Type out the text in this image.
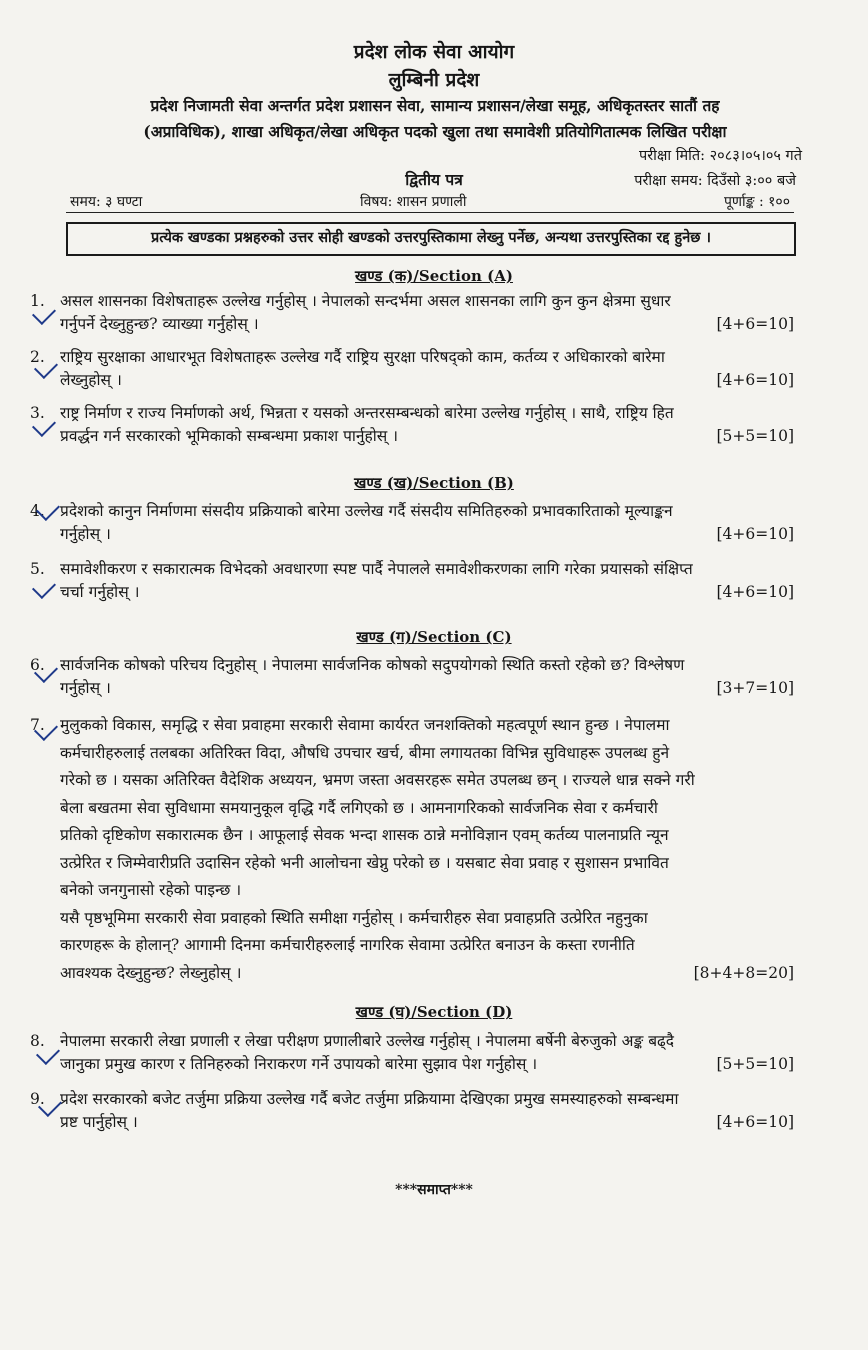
प्रदेश लोक सेवा आयोग
लुम्बिनी प्रदेश
प्रदेश निजामती सेवा अन्तर्गत प्रदेश प्रशासन सेवा, सामान्य प्रशासन/लेखा समूह, अधिकृतस्तर सातौं तह
(अप्राविधिक), शाखा अधिकृत/लेखा अधिकृत पदको खुला तथा समावेशी प्रतियोगितात्मक लिखित परीक्षा
परीक्षा मिति: २०८३।०५।०५ गते
द्वितीय पत्र	परीक्षा समय: दिउँसो ३:०० बजे
समय: ३ घण्टा	विषय: शासन प्रणाली	पूर्णाङ्क : १००
प्रत्येक खण्डका प्रश्नहरुको उत्तर सोही खण्डको उत्तरपुस्तिकामा लेख्नु पर्नेछ, अन्यथा उत्तरपुस्तिका रद्द हुनेछ ।
खण्ड (क)/Section (A)
1. असल शासनका विशेषताहरू उल्लेख गर्नुहोस् । नेपालको सन्दर्भमा असल शासनका लागि कुन कुन क्षेत्रमा सुधार
गर्नुपर्ने देख्नुहुन्छ? व्याख्या गर्नुहोस् ।	[4+6=10]
2. राष्ट्रिय सुरक्षाका आधारभूत विशेषताहरू उल्लेख गर्दै राष्ट्रिय सुरक्षा परिषद्को काम, कर्तव्य र अधिकारको बारेमा
लेख्नुहोस् ।	[4+6=10]
3. राष्ट्र निर्माण र राज्य निर्माणको अर्थ, भिन्नता र यसको अन्तरसम्बन्धको बारेमा उल्लेख गर्नुहोस् । साथै, राष्ट्रिय हित
प्रवर्द्धन गर्न सरकारको भूमिकाको सम्बन्धमा प्रकाश पार्नुहोस् ।	[5+5=10]
खण्ड (ख)/Section (B)
4. प्रदेशको कानुन निर्माणमा संसदीय प्रक्रियाको बारेमा उल्लेख गर्दै संसदीय समितिहरुको प्रभावकारिताको मूल्याङ्कन
गर्नुहोस् ।	[4+6=10]
5. समावेशीकरण र सकारात्मक विभेदको अवधारणा स्पष्ट पार्दै नेपालले समावेशीकरणका लागि गरेका प्रयासको संक्षिप्त
चर्चा गर्नुहोस् ।	[4+6=10]
खण्ड (ग)/Section (C)
6. सार्वजनिक कोषको परिचय दिनुहोस् । नेपालमा सार्वजनिक कोषको सदुपयोगको स्थिति कस्तो रहेको छ? विश्लेषण
गर्नुहोस् ।	[3+7=10]
7. मुलुकको विकास, समृद्धि र सेवा प्रवाहमा सरकारी सेवामा कार्यरत जनशक्तिको महत्वपूर्ण स्थान हुन्छ । नेपालमा
कर्मचारीहरुलाई तलबका अतिरिक्त विदा, औषधि उपचार खर्च, बीमा लगायतका विभिन्न सुविधाहरू उपलब्ध हुने
गरेको छ । यसका अतिरिक्त वैदेशिक अध्ययन, भ्रमण जस्ता अवसरहरू समेत उपलब्ध छन् । राज्यले धान्न सक्ने गरी
बेला बखतमा सेवा सुविधामा समयानुकूल वृद्धि गर्दै लगिएको छ । आमनागरिकको सार्वजनिक सेवा र कर्मचारी
प्रतिको दृष्टिकोण सकारात्मक छैन । आफूलाई सेवक भन्दा शासक ठान्ने मनोविज्ञान एवम् कर्तव्य पालनाप्रति न्यून
उत्प्रेरित र जिम्मेवारीप्रति उदासिन रहेको भनी आलोचना खेप्नु परेको छ । यसबाट सेवा प्रवाह र सुशासन प्रभावित
बनेको जनगुनासो रहेको पाइन्छ ।
यसै पृष्ठभूमिमा सरकारी सेवा प्रवाहको स्थिति समीक्षा गर्नुहोस् । कर्मचारीहरु सेवा प्रवाहप्रति उत्प्रेरित नहुनुका
कारणहरू के होलान्? आगामी दिनमा कर्मचारीहरुलाई नागरिक सेवामा उत्प्रेरित बनाउन के कस्ता रणनीति
आवश्यक देख्नुहुन्छ? लेख्नुहोस् ।	[8+4+8=20]
खण्ड (घ)/Section (D)
8. नेपालमा सरकारी लेखा प्रणाली र लेखा परीक्षण प्रणालीबारे उल्लेख गर्नुहोस् । नेपालमा बर्षेनी बेरुजुको अङ्क बढ्दै
जानुका प्रमुख कारण र तिनिहरुको निराकरण गर्ने उपायको बारेमा सुझाव पेश गर्नुहोस् ।	[5+5=10]
9. प्रदेश सरकारको बजेट तर्जुमा प्रक्रिया उल्लेख गर्दै बजेट तर्जुमा प्रक्रियामा देखिएका प्रमुख समस्याहरुको सम्बन्धमा
प्रष्ट पार्नुहोस् ।	[4+6=10]
***समाप्त***
